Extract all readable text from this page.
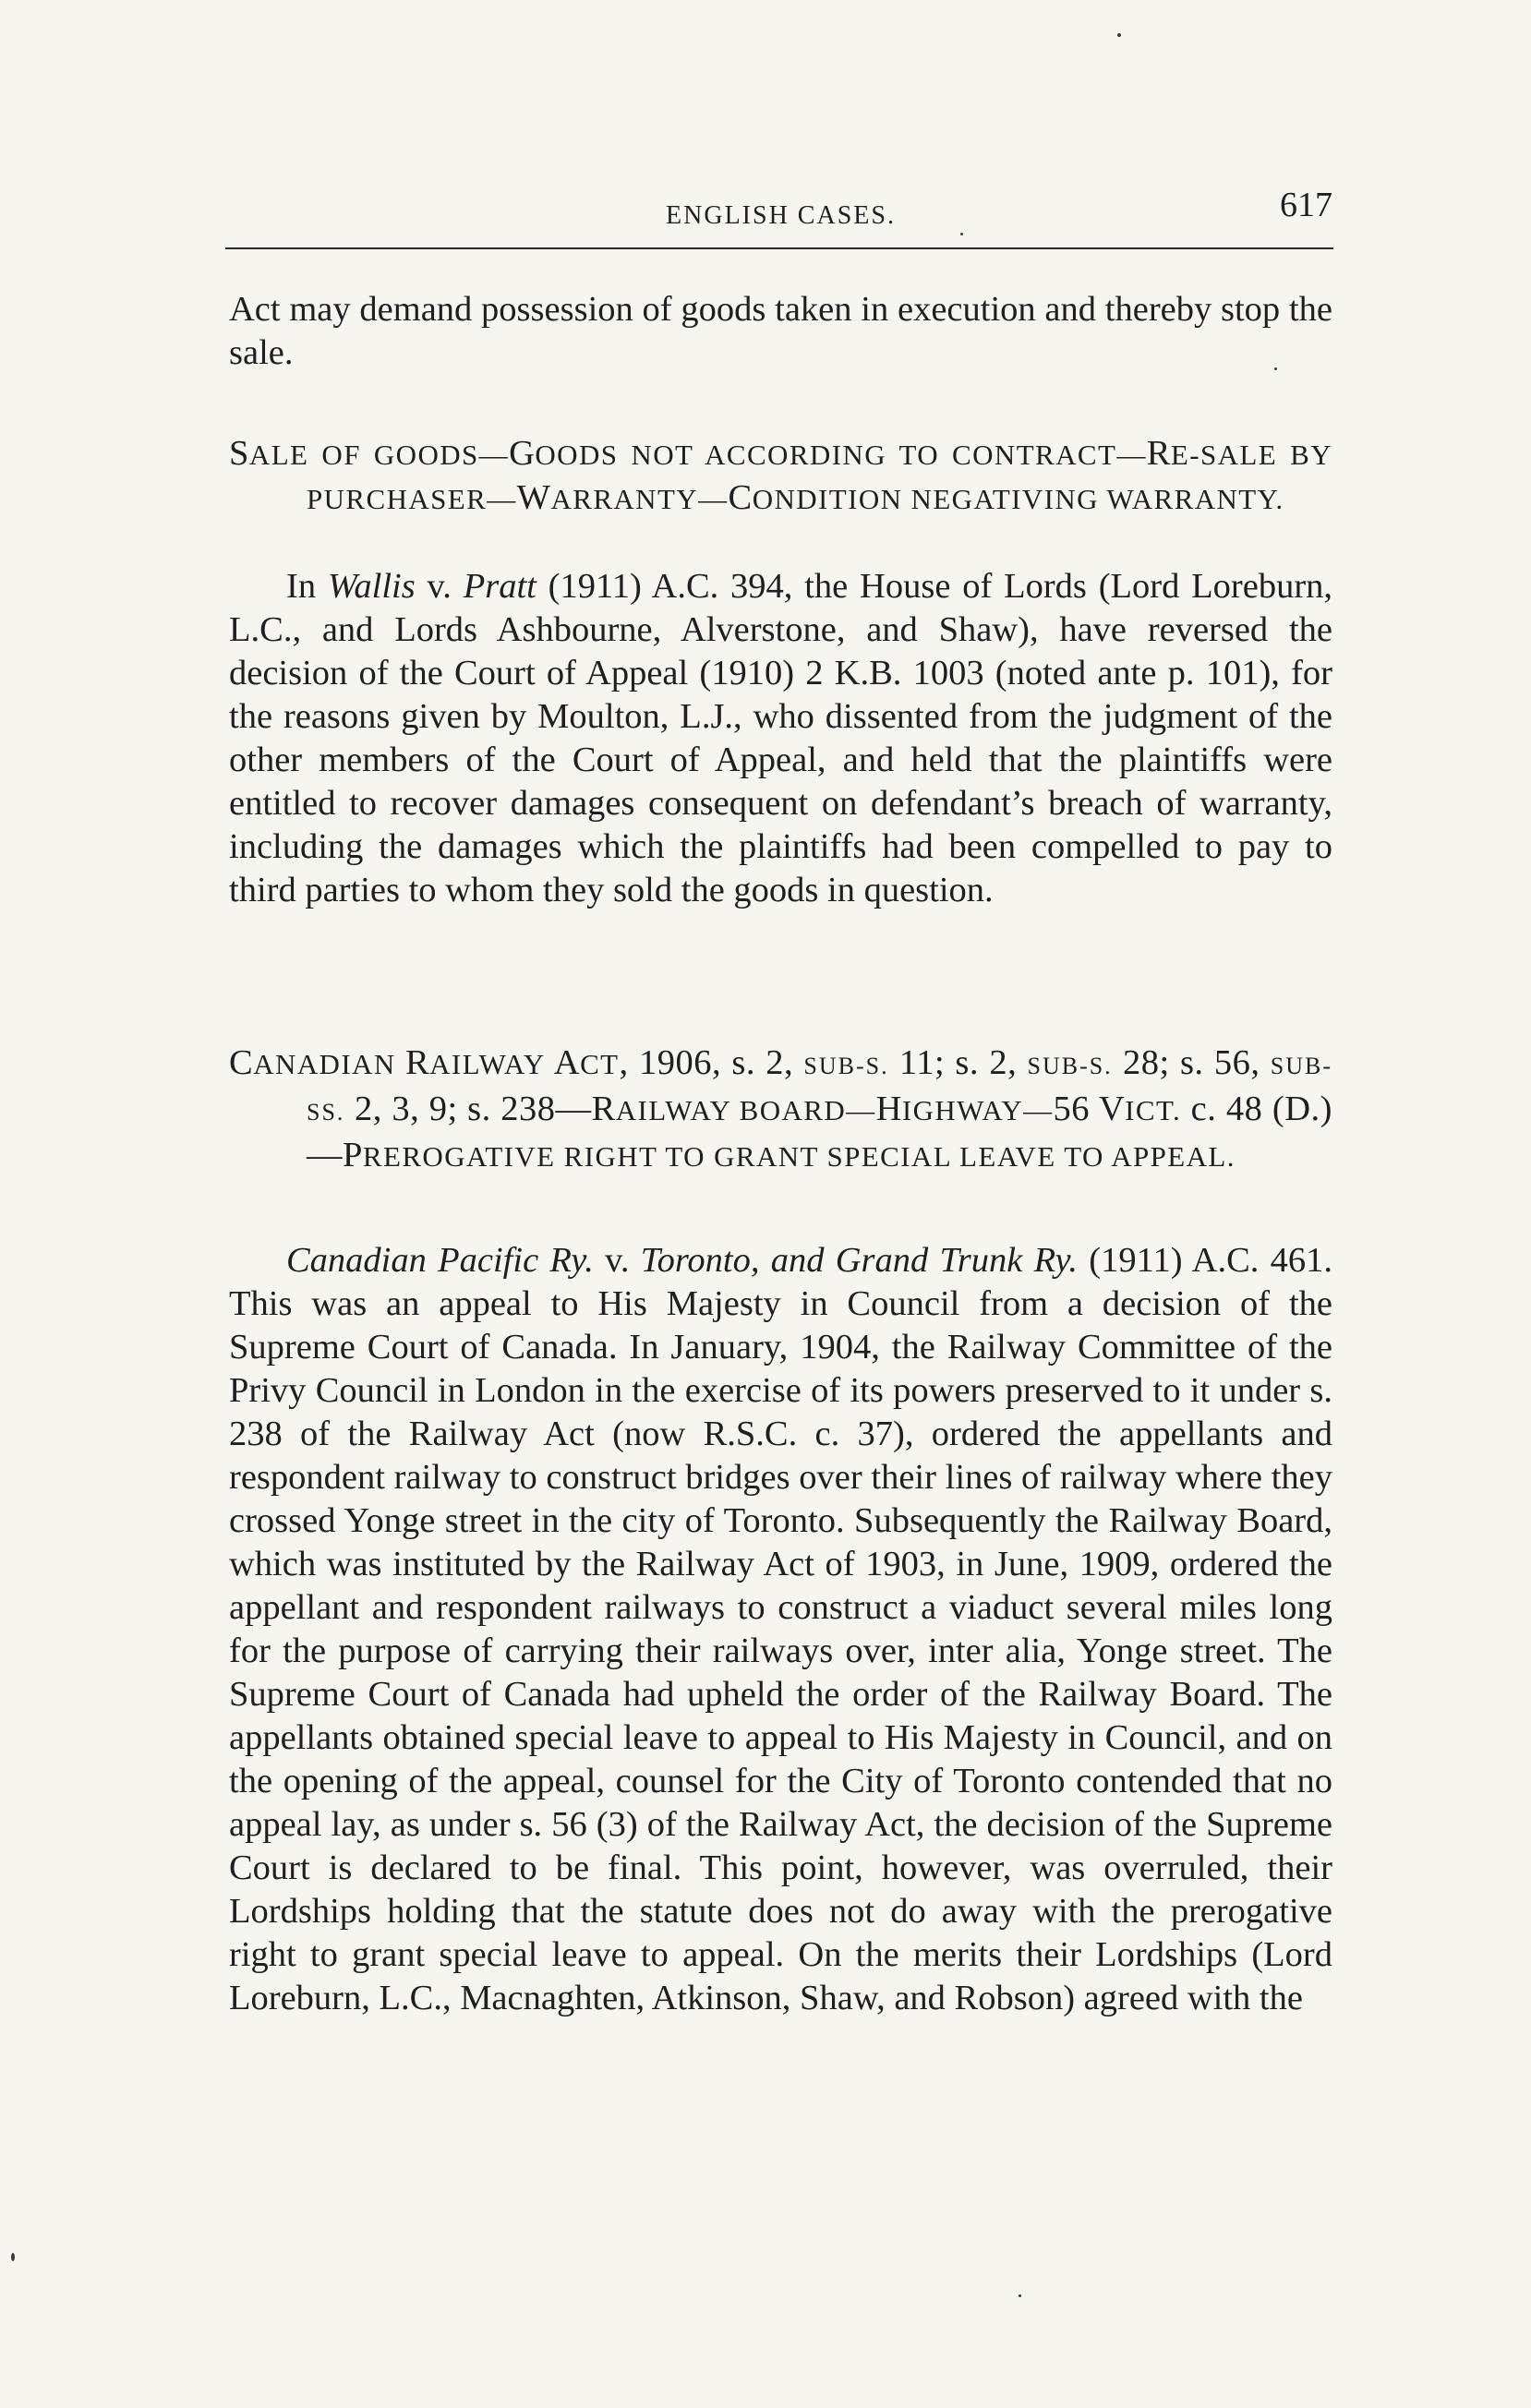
ENGLISH CASES.	617

Act may demand possession of goods taken in execution and thereby stop the sale.

SALE OF GOODS—GOODS NOT ACCORDING TO CONTRACT—RE-SALE BY PURCHASER—WARRANTY—CONDITION NEGATIVING WARRANTY.

In Wallis v. Pratt (1911) A.C. 394, the House of Lords (Lord Loreburn, L.C., and Lords Ashbourne, Alverstone, and Shaw), have reversed the decision of the Court of Appeal (1910) 2 K.B. 1003 (noted ante p. 101), for the reasons given by Moulton, L.J., who dissented from the judgment of the other members of the Court of Appeal, and held that the plaintiffs were entitled to recover damages consequent on defendant’s breach of warranty, including the damages which the plaintiffs had been compelled to pay to third parties to whom they sold the goods in question.

CANADIAN RAILWAY ACT, 1906, s. 2, SUB-S. 11; s. 2, SUB-S. 28; s. 56, SUB-SS. 2, 3, 9; s. 238—RAILWAY BOARD—HIGHWAY—56 VICT. c. 48 (D.)—PREROGATIVE RIGHT TO GRANT SPECIAL LEAVE TO APPEAL.

Canadian Pacific Ry. v. Toronto, and Grand Trunk Ry. (1911) A.C. 461. This was an appeal to His Majesty in Council from a decision of the Supreme Court of Canada. In January, 1904, the Railway Committee of the Privy Council in London in the exercise of its powers preserved to it under s. 238 of the Railway Act (now R.S.C. c. 37), ordered the appellants and respondent railway to construct bridges over their lines of railway where they crossed Yonge street in the city of Toronto. Subsequently the Railway Board, which was instituted by the Railway Act of 1903, in June, 1909, ordered the appellant and respondent railways to construct a viaduct several miles long for the purpose of carrying their railways over, inter alia, Yonge street. The Supreme Court of Canada had upheld the order of the Railway Board. The appellants obtained special leave to appeal to His Majesty in Council, and on the opening of the appeal, counsel for the City of Toronto contended that no appeal lay, as under s. 56 (3) of the Railway Act, the decision of the Supreme Court is declared to be final. This point, however, was overruled, their Lordships holding that the statute does not do away with the prerogative right to grant special leave to appeal. On the merits their Lordships (Lord Loreburn, L.C., Macnaghten, Atkinson, Shaw, and Robson) agreed with the
